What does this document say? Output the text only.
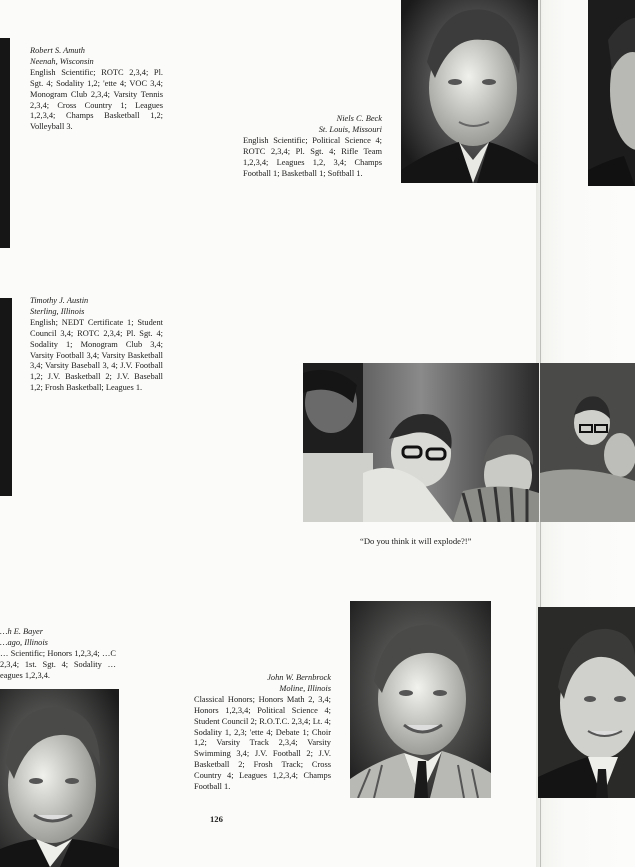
Robert S. Amuth
Neenah, Wisconsin
English Scientific; ROTC 2,3,4; Pl. Sgt. 4; Sodality 1,2; 'ette 4; VOC 3,4; Monogram Club 2,3,4; Varsity Tennis 2,3,4; Cross Country 1; Leagues 1,2,3,4; Champs Basketball 1,2; Volleyball 3.
Niels C. Beck
St. Louis, Missouri
English Scientific; Political Science 4; ROTC 2,3,4; Pl. Sgt. 4; Rifle Team 1,2,3,4; Leagues 1,2, 3,4; Champs Football 1; Basketball 1; Softball 1.
Timothy J. Austin
Sterling, Illinois
English; NEDT Certificate 1; Student Council 3,4; ROTC 2,3,4; Pl. Sgt. 4; Sodality 1; Monogram Club 3,4; Varsity Football 3,4; Varsity Basketball 3,4; Varsity Baseball 3, 4; J.V. Football 1,2; J.V. Basketball 2; J.V. Baseball 1,2; Frosh Basketball; Leagues 1.
…h E. Bayer
…ago, Illinois
… Scientific; Honors 1,2,3,4; …C 2,3,4; 1st. Sgt. 4; Sodality …eagues 1,2,3,4.	John W. Bernbrock
Moline, Illinois
Classical Honors; Honors Math 2, 3,4; Honors 1,2,3,4; Political Science 4; Student Council 2; R.O.T.C. 2,3,4; Lt. 4; Sodality 1, 2,3; 'ette 4; Debate 1; Choir 1,2; Varsity Track 2,3,4; Varsity Swimming 3,4; J.V. Football 2; J.V. Basketball 2; Frosh Track; Cross Country 4; Leagues 1,2,3,4; Champs Football 1.
“Do you think it will explode?!”
126
